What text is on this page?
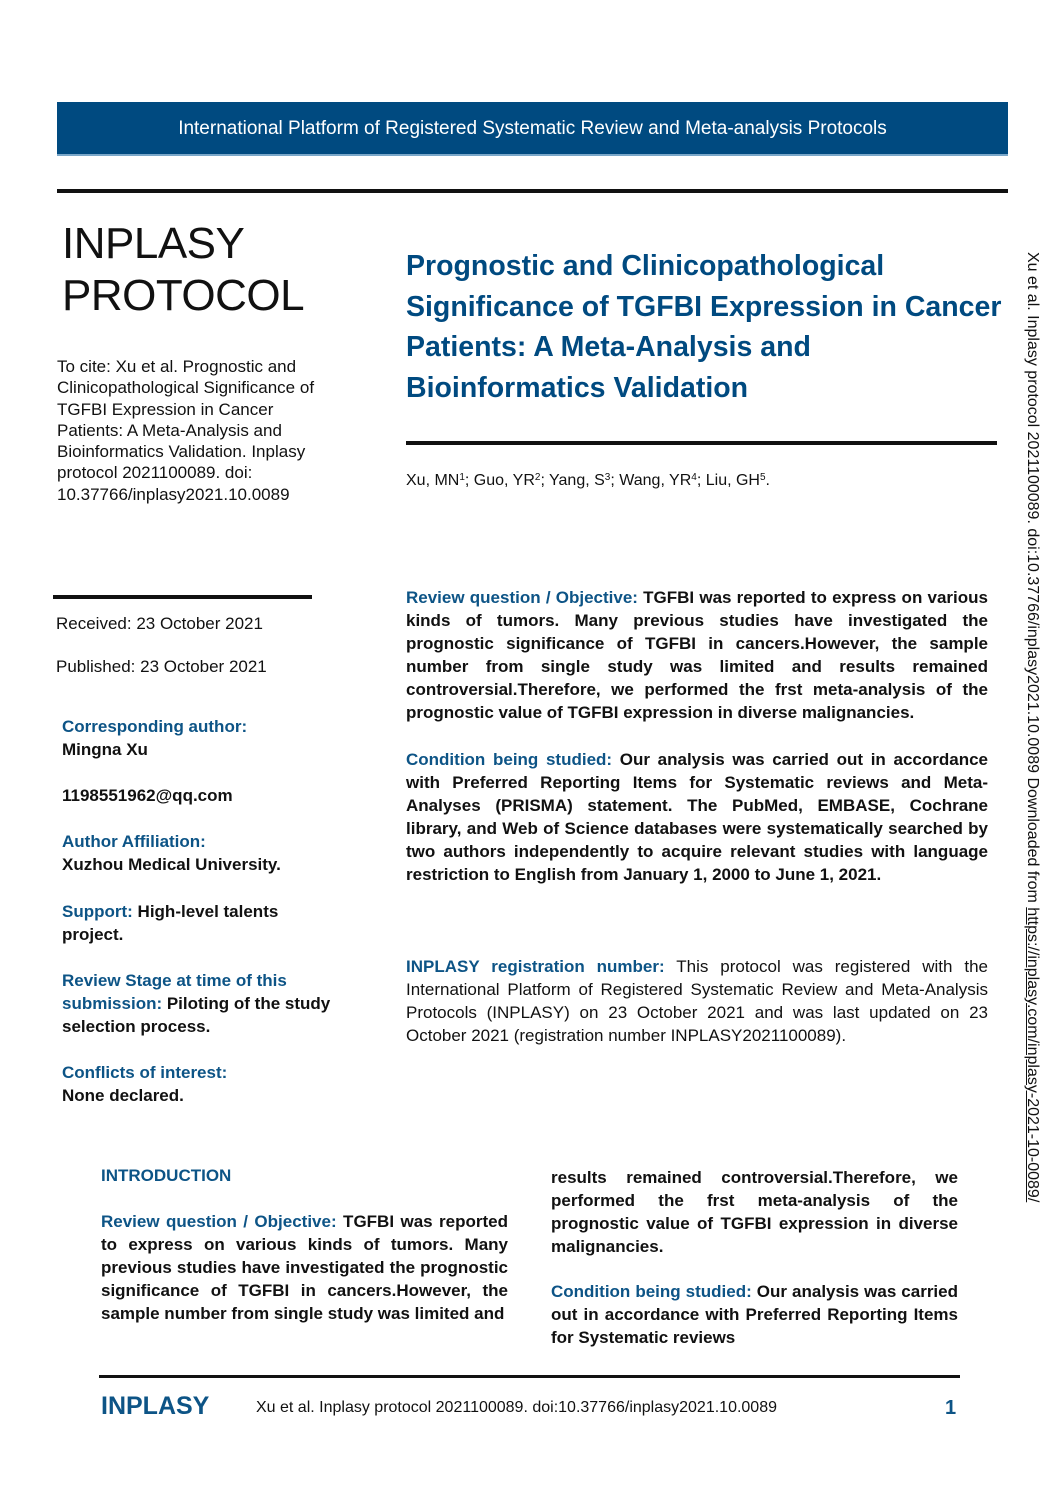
International Platform of Registered Systematic Review and Meta-analysis Protocols
INPLASY
PROTOCOL
To cite: Xu et al. Prognostic and Clinicopathological Significance of TGFBI Expression in Cancer Patients: A Meta-Analysis and Bioinformatics Validation. Inplasy protocol 2021100089. doi: 10.37766/inplasy2021.10.0089
Prognostic and Clinicopathological Significance of TGFBI Expression in Cancer Patients: A Meta-Analysis and Bioinformatics Validation
Xu, $MN^1$; Guo, $YR^2$; Yang, $S^3$; Wang, $YR^4$; Liu, $GH^5$.
Received: 23 October 2021
Published: 23 October 2021
Corresponding author:
Mingna Xu
1198551962@qq.com
Author Affiliation:
Xuzhou Medical University.
Support: High-level talents project.
Review Stage at time of this submission: Piloting of the study selection process.
Conflicts of interest:
None declared.
Review question / Objective: TGFBI was reported to express on various kinds of tumors. Many previous studies have investigated the prognostic significance of TGFBI in cancers.However, the sample number from single study was limited and results remained controversial.Therefore, we performed the frst meta-analysis of the prognostic value of TGFBI expression in diverse malignancies.
Condition being studied: Our analysis was carried out in accordance with Preferred Reporting Items for Systematic reviews and Meta-Analyses (PRISMA) statement. The PubMed, EMBASE, Cochrane library, and Web of Science databases were systematically searched by two authors independently to acquire relevant studies with language restriction to English from January 1, 2000 to June 1, 2021.
INPLASY registration number: This protocol was registered with the International Platform of Registered Systematic Review and Meta-Analysis Protocols (INPLASY) on 23 October 2021 and was last updated on 23 October 2021 (registration number INPLASY2021100089).
INTRODUCTION
Review question / Objective: TGFBI was reported to express on various kinds of tumors. Many previous studies have investigated the prognostic significance of TGFBI in cancers.However, the sample number from single study was limited and
results remained controversial.Therefore, we performed the frst meta-analysis of the prognostic value of TGFBI expression in diverse malignancies.
Condition being studied: Our analysis was carried out in accordance with Preferred Reporting Items for Systematic reviews
INPLASY	Xu et al. Inplasy protocol 2021100089. doi:10.37766/inplasy2021.10.0089	1
Xu et al. Inplasy protocol 2021100089. doi:10.37766/inplasy2021.10.0089 Downloaded from https://inplasy.com/inplasy-2021-10-0089/
